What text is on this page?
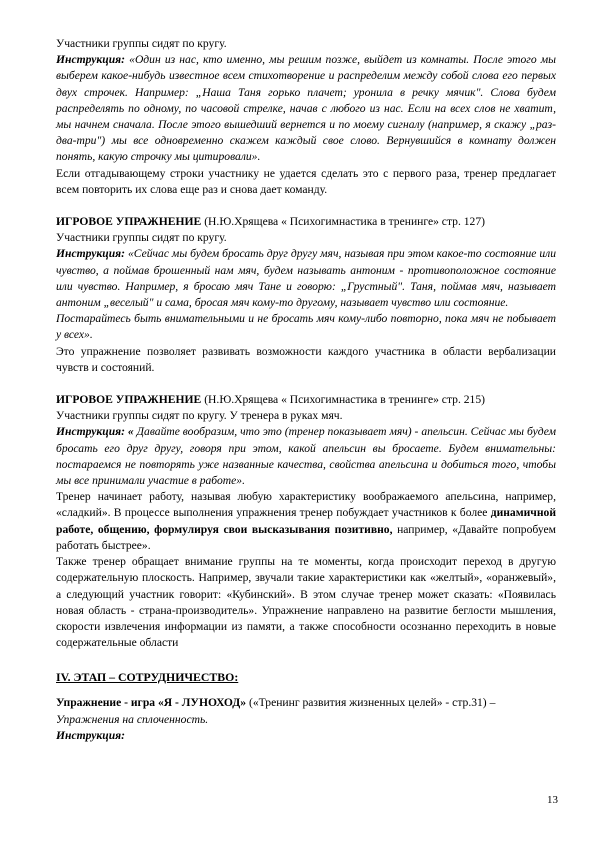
Участники группы сидят по кругу.

Инструкция: «Один из нас, кто именно, мы решим позже, выйдет из комнаты. После этого мы выберем какое-нибудь известное всем стихотворение и распределим между собой слова его первых двух строчек. Например: „Наша Таня горько плачет; уронила в речку мячик". Слова будем распределять по одному, по часовой стрелке, начав с любого из нас. Если на всех слов не хватит, мы начнем сначала. После этого вышедший вернется и по моему сигналу (например, я скажу „раз-два-три") мы все одновременно скажем каждый свое слово. Вернувшийся в комнату должен понять, какую строчку мы цитировали».

Если отгадывающему строки участнику не удается сделать это с первого раза, тренер предлагает всем повторить их слова еще раз и снова дает команду.

ИГРОВОЕ УПРАЖНЕНИЕ (Н.Ю.Хрящева « Психогимнастика в тренинге» стр. 127)

Участники группы сидят по кругу.

Инструкция: «Сейчас мы будем бросать друг другу мяч, называя при этом какое-то состояние или чувство, а поймав брошенный нам мяч, будем называть антоним - противоположное состояние или чувство. Например, я бросаю мяч Тане и говорю: „Грустный". Таня, поймав мяч, называет антоним „веселый" и сама, бросая мяч кому-то другому, называет чувство или состояние.

Постарайтесь быть внимательными и не бросать мяч кому-либо повторно, пока мяч не побывает у всех».

Это упражнение позволяет развивать возможности каждого участника в области вербализации чувств и состояний.

ИГРОВОЕ УПРАЖНЕНИЕ (Н.Ю.Хрящева « Психогимнастика в тренинге» стр. 215)

Участники группы сидят по кругу. У тренера в руках мяч.

Инструкция: « Давайте вообразим, что это (тренер показывает мяч) - апельсин. Сейчас мы будем бросать его друг другу, говоря при этом, какой апельсин вы бросаете. Будем внимательны: постараемся не повторять уже названные качества, свойства апельсина и добиться того, чтобы мы все принимали участие в работе».

Тренер начинает работу, называя любую характеристику воображаемого апельсина, например, «сладкий». В процессе выполнения упражнения тренер побуждает участников к более динамичной работе, общению, формулируя свои высказывания позитивно, например, «Давайте попробуем работать быстрее».

Также тренер обращает внимание группы на те моменты, когда происходит переход в другую содержательную плоскость. Например, звучали такие характеристики как «желтый», «оранжевый», а следующий участник говорит: «Кубинский». В этом случае тренер может сказать: «Появилась новая область - страна-производитель». Упражнение направлено на развитие беглости мышления, скорости извлечения информации из памяти, а также способности осознанно переходить в новые содержательные области

IV. ЭТАП – СОТРУДНИЧЕСТВО:

Упражнение - игра «Я - ЛУНОХОД» («Тренинг развития жизненных целей» - стр.31) –

Упражнения на сплоченность.

Инструкция:

13
